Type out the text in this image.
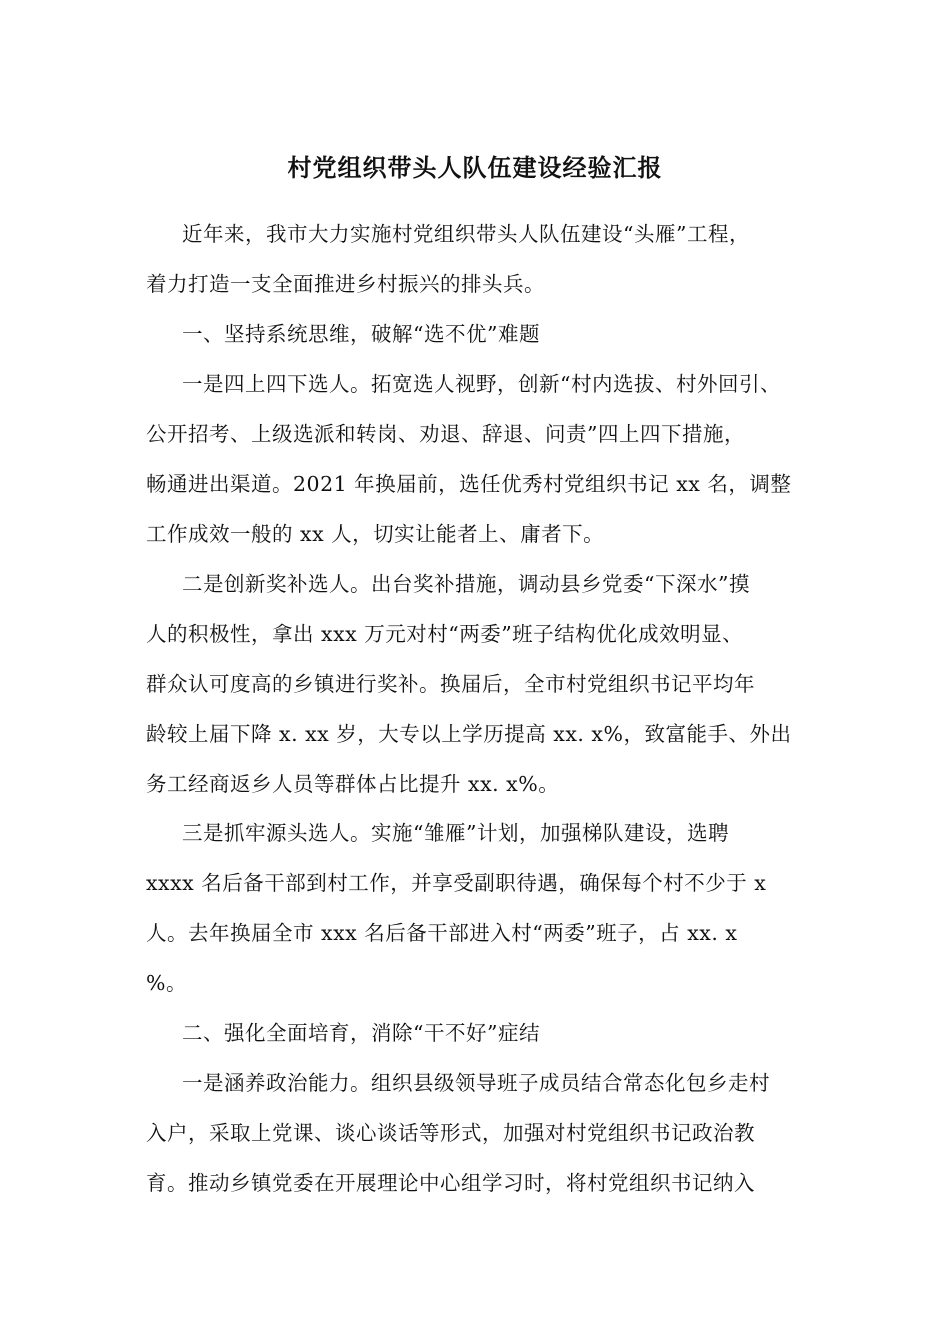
村党组织带头人队伍建设经验汇报
近年来，我市大力实施村党组织带头人队伍建设“头雁”工程，
着力打造一支全面推进乡村振兴的排头兵。
一、坚持系统思维，破解“选不优”难题
一是四上四下选人。拓宽选人视野，创新“村内选拔、村外回引、
公开招考、上级选派和转岗、劝退、辞退、问责”四上四下措施，
畅通进出渠道。2021 年换届前，选任优秀村党组织书记 xx 名，调整
工作成效一般的 xx 人，切实让能者上、庸者下。
二是创新奖补选人。出台奖补措施，调动县乡党委“下深水”摸
人的积极性，拿出 xxx 万元对村“两委”班子结构优化成效明显、
群众认可度高的乡镇进行奖补。换届后，全市村党组织书记平均年
龄较上届下降 x. xx 岁，大专以上学历提高 xx. x%，致富能手、外出
务工经商返乡人员等群体占比提升 xx. x%。
三是抓牢源头选人。实施“雏雁”计划，加强梯队建设，选聘
xxxx 名后备干部到村工作，并享受副职待遇，确保每个村不少于 x
人。去年换届全市 xxx 名后备干部进入村“两委”班子，占 xx. x
%。
二、强化全面培育，消除“干不好”症结
一是涵养政治能力。组织县级领导班子成员结合常态化包乡走村
入户，采取上党课、谈心谈话等形式，加强对村党组织书记政治教
育。推动乡镇党委在开展理论中心组学习时，将村党组织书记纳入
